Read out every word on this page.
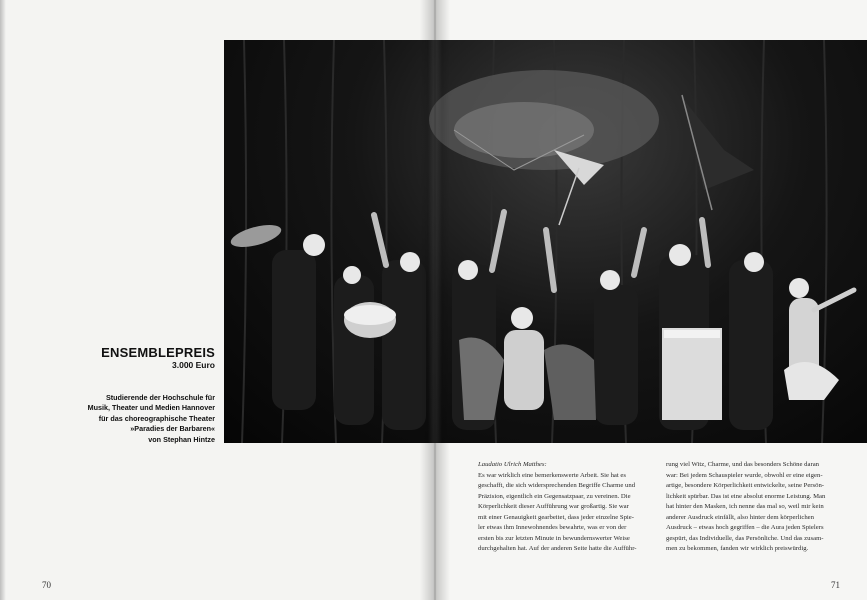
ENSEMBLEPREIS
3.000 Euro
Studierende der Hochschule für
Musik, Theater und Medien Hannover
für das choreographische Theater
»Paradies der Barbaren«
von Stephan Hintze
Laudatio Ulrich Matthes:
Es war wirklich eine bemerkenswerte Arbeit. Sie hat es
geschafft, die sich widersprechenden Begriffe Charme und
Präzision, eigentlich ein Gegensatzpaar, zu vereinen. Die
Körperlichkeit dieser Aufführung war großartig. Sie war
mit einer Genauigkeit gearbeitet, dass jeder einzelne Spie-
ler etwas ihm Innewohnendes bewahrte, was er von der
ersten bis zur letzten Minute in bewundernswerter Weise
durchgehalten hat. Auf der anderen Seite hatte die Aufführ-
rung viel Witz, Charme, und das besonders Schöne daran
war: Bei jedem Schauspieler wurde, obwohl er eine eigen-
artige, besondere Körperlichkeit entwickelte, seine Persön-
lichkeit spürbar. Das ist eine absolut enorme Leistung. Man
hat hinter den Masken, ich nenne das mal so, weil mir kein
anderer Ausdruck einfällt, also hinter dem körperlichen
Ausdruck – etwas hoch gegriffen – die Aura jeden Spielers
gespürt, das Individuelle, das Persönliche. Und das zusam-
men zu bekommen, fanden wir wirklich preiswürdig.
70	71
